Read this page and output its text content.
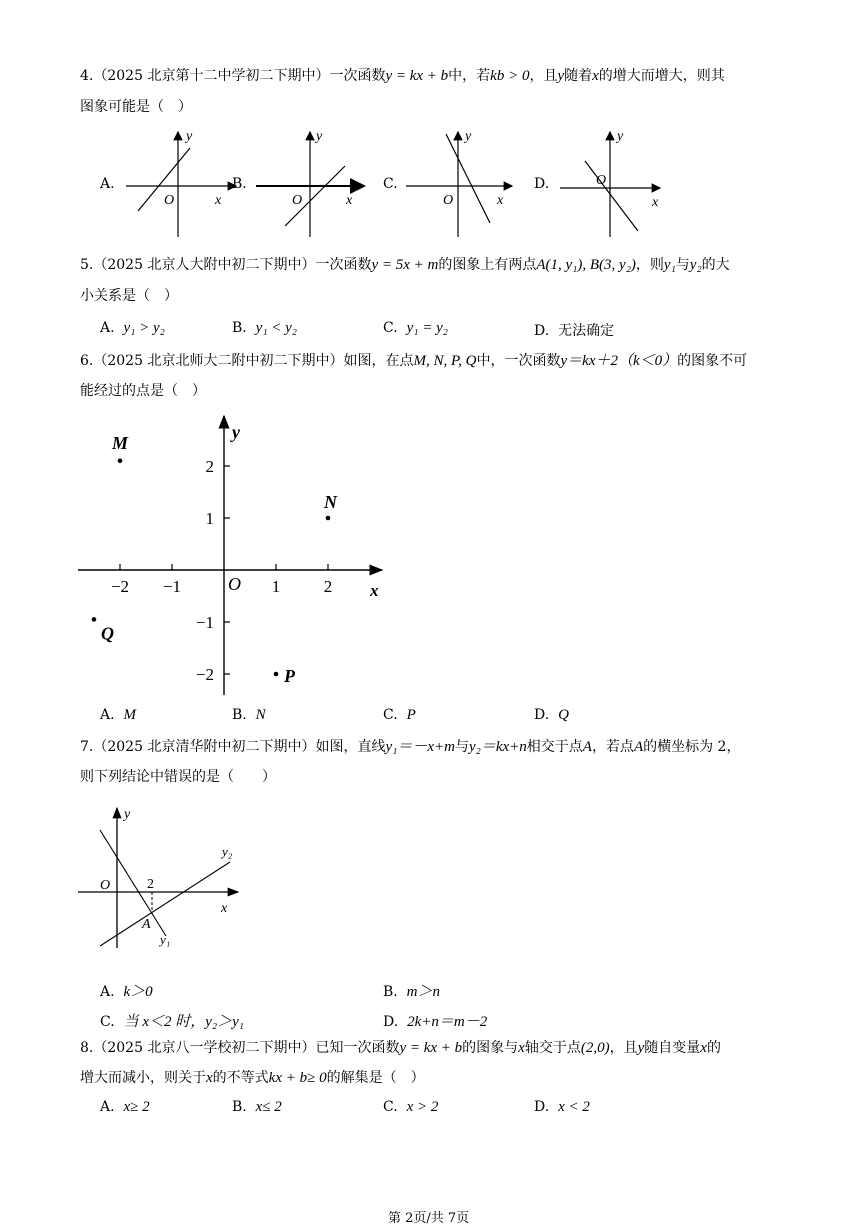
4.（2025 北京第十二中学初二下期中）一次函数y = kx + b中，若kb > 0，且y随着x的增大而增大，则其
图象可能是（　）
A.	B.	C.	D.
y
O	x
y
O	x
y
O	x
y
O
x
5.（2025 北京人大附中初二下期中）一次函数y = 5x + m的图象上有两点A(1, y₁), B(3, y₂)，则y₁与y₂的大
小关系是（　）
A. y₁ > y₂	B. y₁ < y₂	C. y₁ = y₂	D. 无法确定
6.（2025 北京北师大二附中初二下期中）如图，在点M, N, P, Q中，一次函数y＝kx＋2（k＜0）的图象不可
能经过的点是（　）
y
x
O
−2 −1	1	2
2
1
−1
−2
M
N
Q
P
A. M	B. N	C. P	D. Q
7.（2025 北京清华附中初二下期中）如图，直线y₁＝－x+m与y₂＝kx+n相交于点A，若点A的横坐标为 2，
则下列结论中错误的是（　　）
y
O	2
x
A
y₁
y₂
A. k＞0	B. m＞n
C. 当 x＜2 时，y₂＞y₁	D. 2k+n＝m－2
8.（2025 北京八一学校初二下期中）已知一次函数y = kx + b的图象与x轴交于点(2,0)，且y随自变量x的
增大而减小，则关于x的不等式kx + b≥ 0的解集是（　）
A. x≥ 2	B. x≤ 2	C. x > 2	D. x < 2
第 2页/共 7页
